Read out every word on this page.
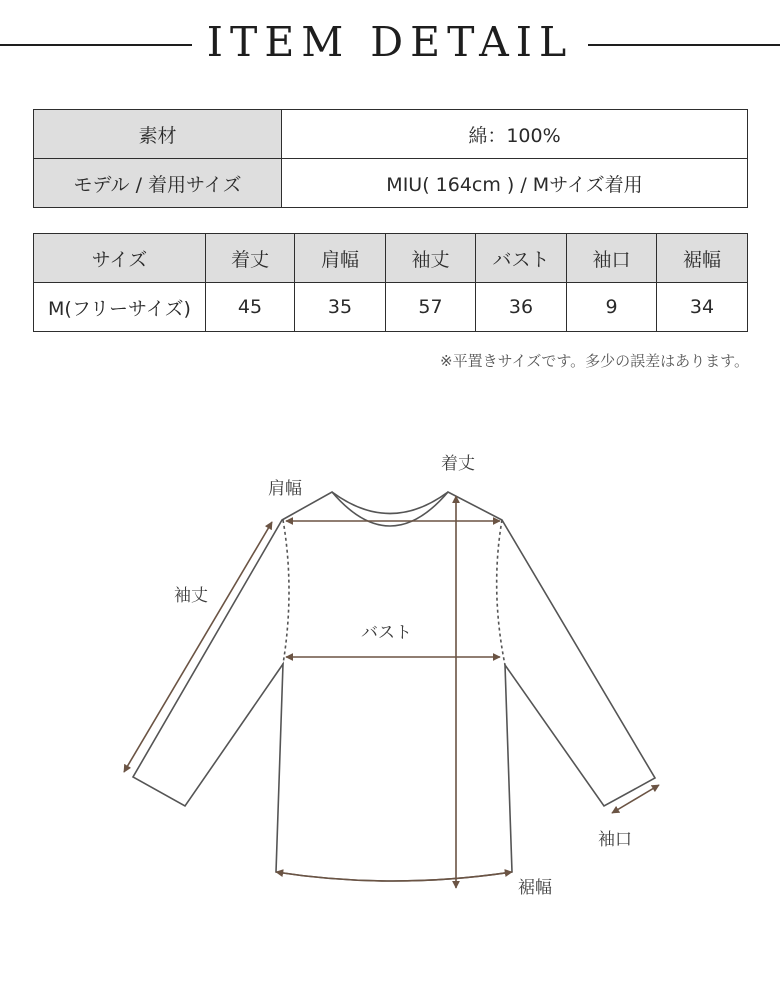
ITEM DETAIL
素材	綿：100%
モデル / 着用サイズ	MIU( 164cm ) / Mサイズ着用
サイズ	着丈	肩幅	袖丈	バスト	袖口	裾幅
M(フリーサイズ)	45	35	57	36	9	34
※平置きサイズです。多少の誤差はあります。
着丈
肩幅
袖丈
バスト
袖口
裾幅
